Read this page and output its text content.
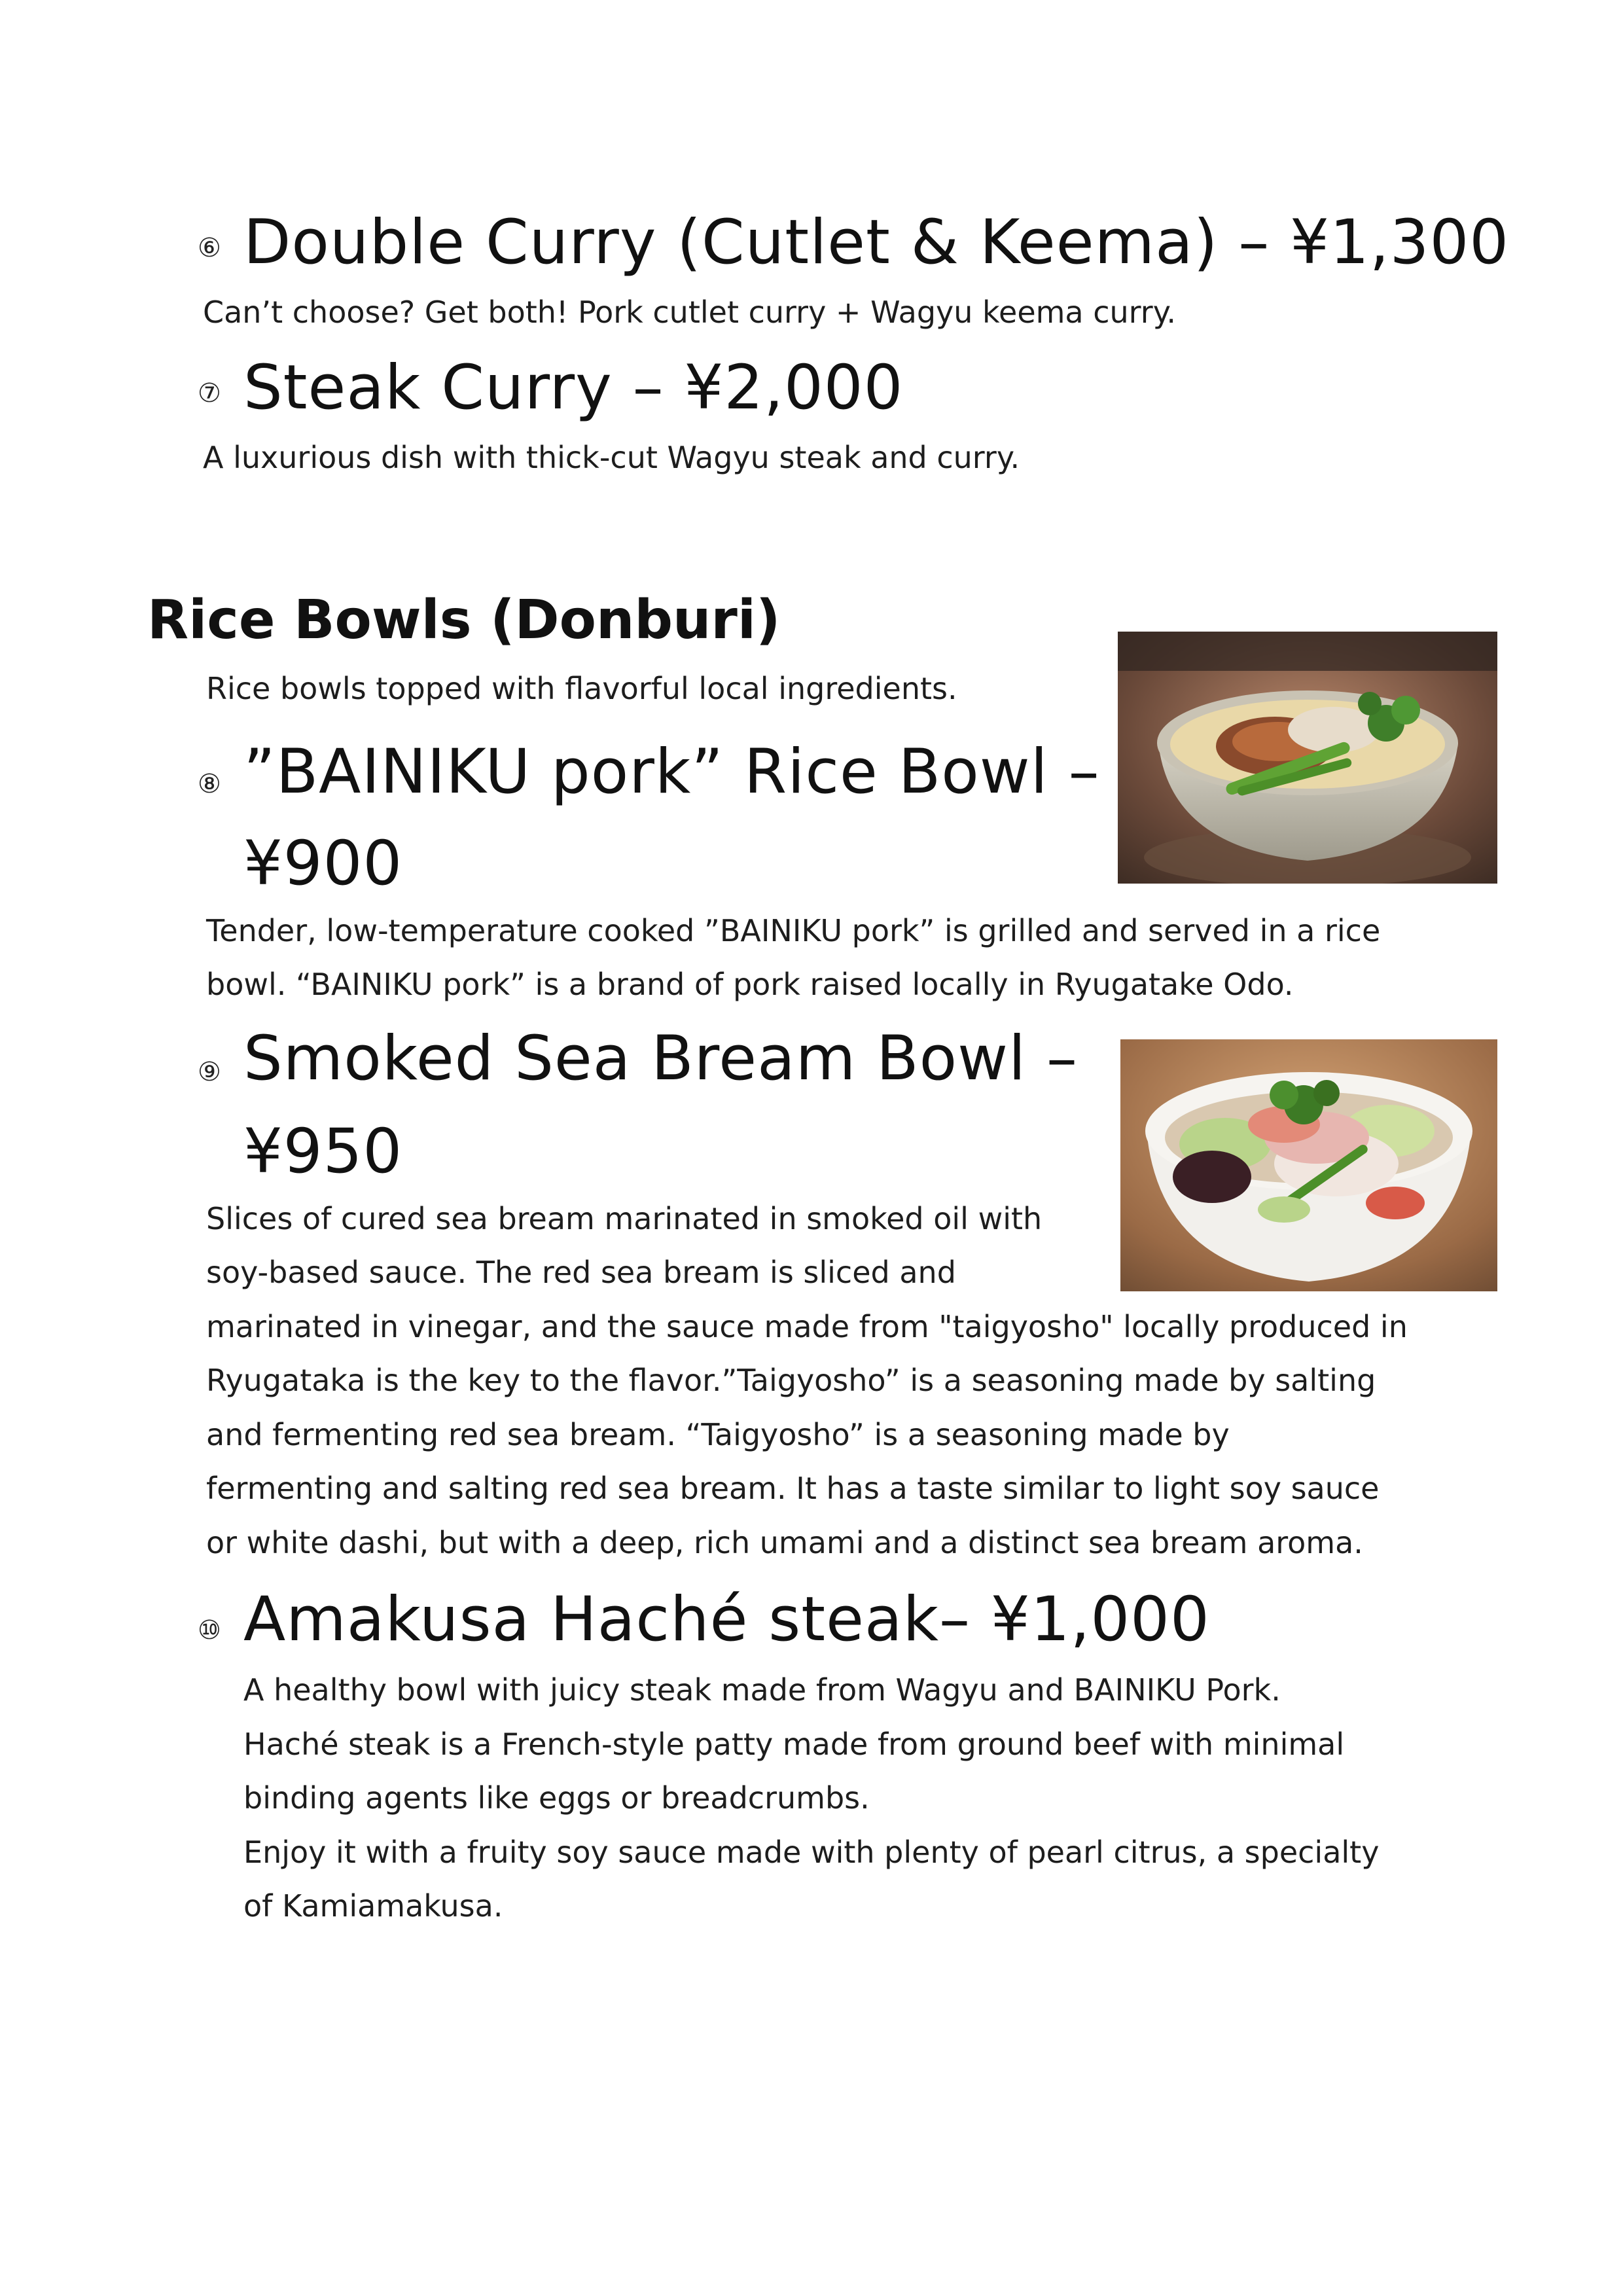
⑥ Double Curry (Cutlet & Keema) – ¥1,300
Can’t choose? Get both! Pork cutlet curry + Wagyu keema curry.
⑦ Steak Curry – ¥2,000
A luxurious dish with thick-cut Wagyu steak and curry.
Rice Bowls (Donburi)
Rice bowls topped with flavorful local ingredients.
⑧ ”BAINIKU pork” Rice Bowl –
¥900
Tender, low-temperature cooked ”BAINIKU pork” is grilled and served in a rice
bowl. “BAINIKU pork” is a brand of pork raised locally in Ryugatake Odo.
⑨ Smoked Sea Bream Bowl –
¥950
Slices of cured sea bream marinated in smoked oil with
soy-based sauce. The red sea bream is sliced and
marinated in vinegar, and the sauce made from "taigyosho" locally produced in
Ryugataka is the key to the flavor.”Taigyosho” is a seasoning made by salting
and fermenting red sea bream. “Taigyosho” is a seasoning made by
fermenting and salting red sea bream. It has a taste similar to light soy sauce
or white dashi, but with a deep, rich umami and a distinct sea bream aroma.
⑩ Amakusa Haché steak– ¥1,000
A healthy bowl with juicy steak made from Wagyu and BAINIKU Pork.
Haché steak is a French-style patty made from ground beef with minimal
binding agents like eggs or breadcrumbs.
Enjoy it with a fruity soy sauce made with plenty of pearl citrus, a specialty
of Kamiamakusa.
